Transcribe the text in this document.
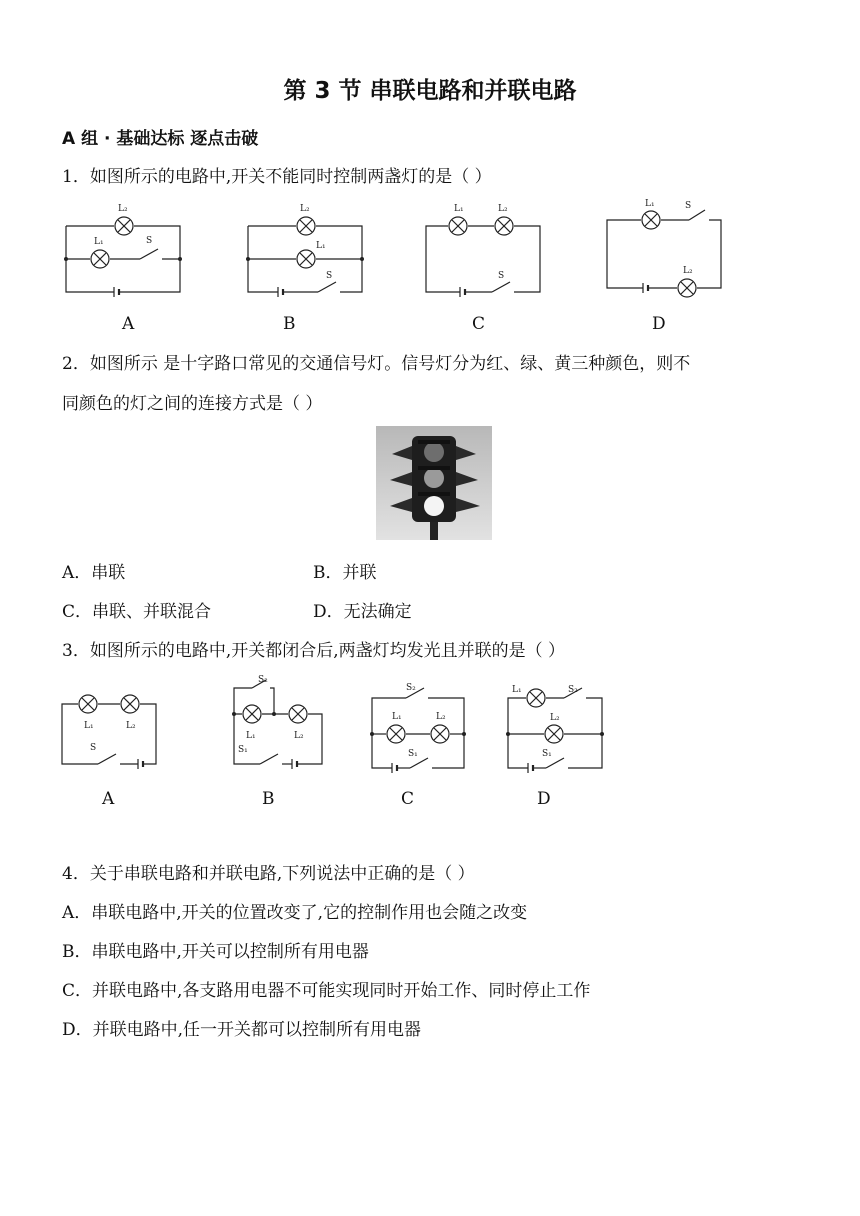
第 3 节 串联电路和并联电路
A 组 · 基础达标 逐点击破
1．如图所示的电路中,开关不能同时控制两盏灯的是（ ）
L₂
L₁	S
A
S
L₂
L₁
B
S
L₁	L₂
C
L₂
L₁	S
D
2．如图所示 是十字路口常见的交通信号灯。信号灯分为红、绿、黄三种颜色，则不
同颜色的灯之间的连接方式是（ ）
A．串联	B．并联
C．串联、并联混合	D．无法确定
3．如图所示的电路中,开关都闭合后,两盏灯均发光且并联的是（ ）
L₁	L₂
S
A
S₂
L₁	L₂
S₁
B
S₂
L₁	L₂
S₁
C
L₁	S₂
L₂
S₁
D
4．关于串联电路和并联电路,下列说法中正确的是（ ）
A．串联电路中,开关的位置改变了,它的控制作用也会随之改变
B．串联电路中,开关可以控制所有用电器
C．并联电路中,各支路用电器不可能实现同时开始工作、同时停止工作
D．并联电路中,任一开关都可以控制所有用电器
